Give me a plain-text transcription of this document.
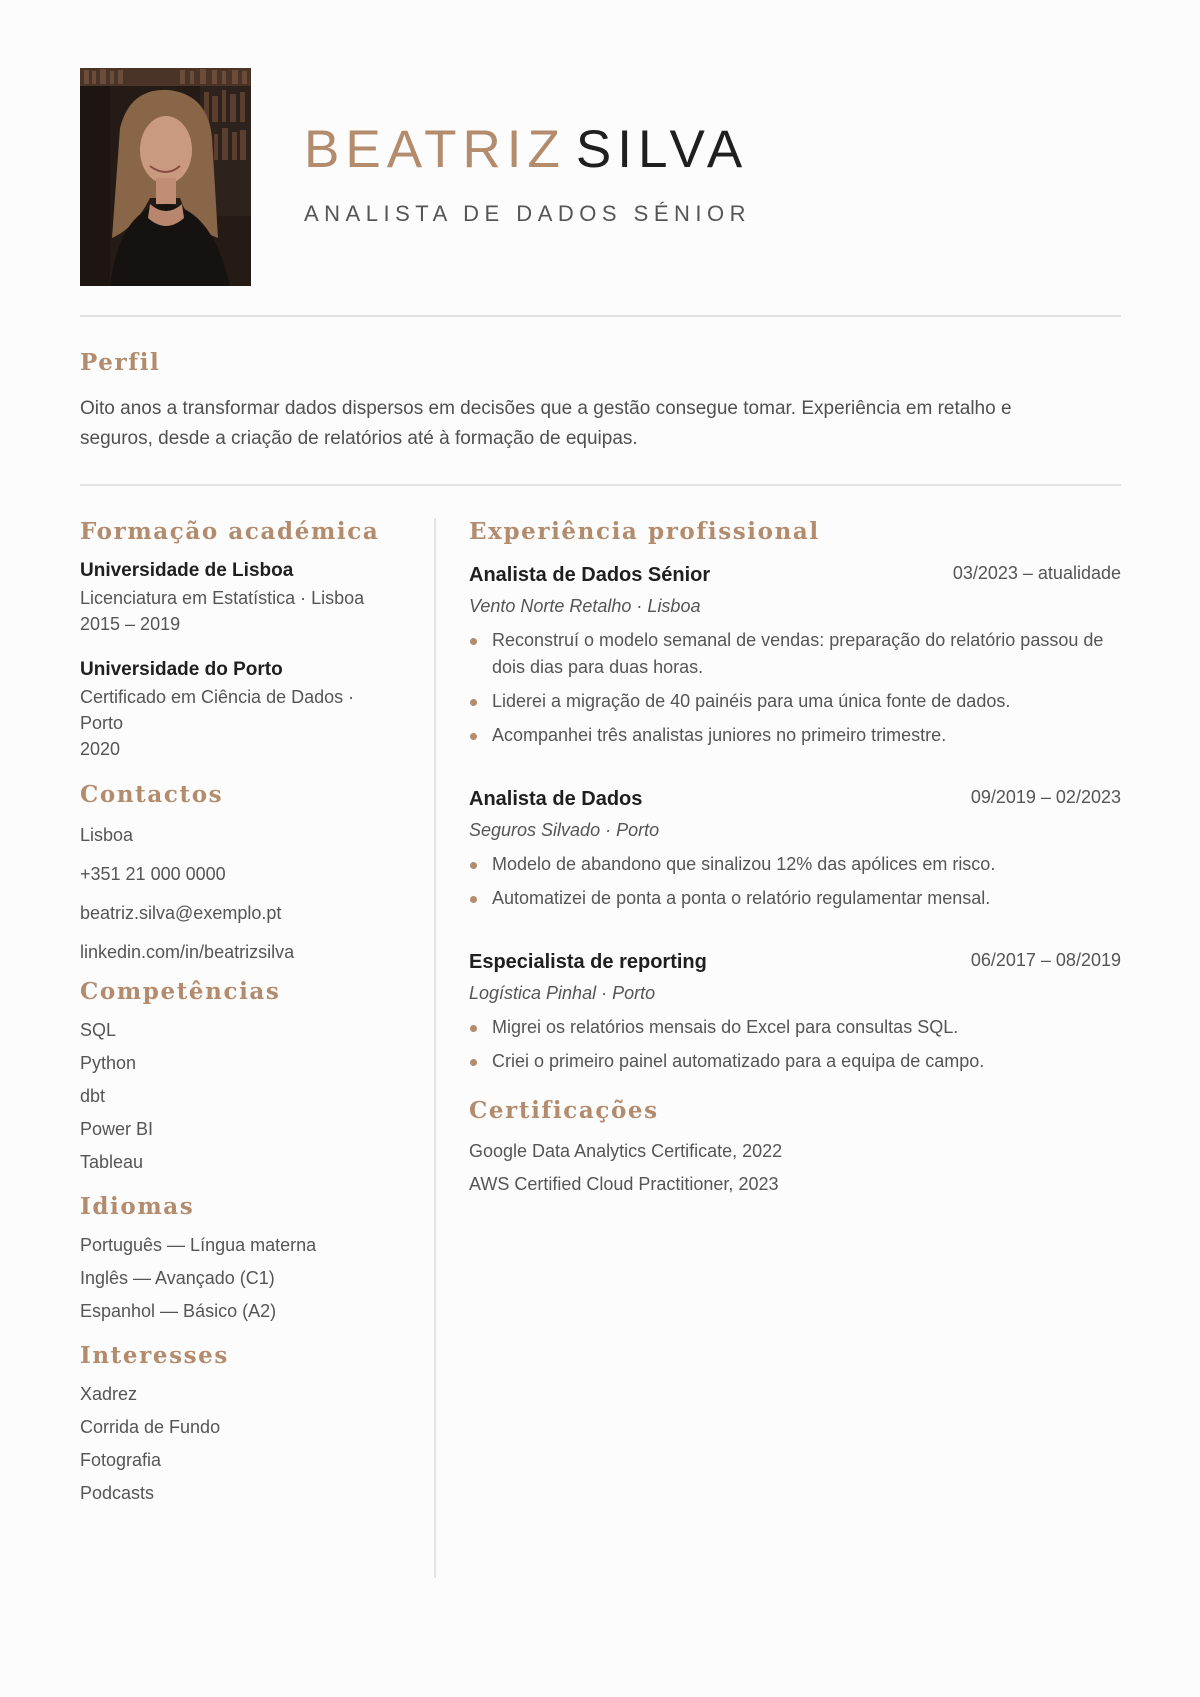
BEATRIZ SILVA
ANALISTA DE DADOS SÉNIOR
Perfil

Oito anos a transformar dados dispersos em decisões que a gestão consegue tomar. Experiência em retalho e seguros, desde a criação de relatórios até à formação de equipas.

Formação académica
Universidade de Lisboa
Licenciatura em Estatística · Lisboa
2015 – 2019
Universidade do Porto
Certificado em Ciência de Dados · Porto
2020
Contactos
Lisboa
+351 21 000 0000
beatriz.silva@exemplo.pt
linkedin.com/in/beatrizsilva
Competências
SQL
Python
dbt
Power BI
Tableau
Idiomas
Português — Língua materna
Inglês — Avançado (C1)
Espanhol — Básico (A2)
Interesses
Xadrez
Corrida de Fundo
Fotografia
Podcasts
Experiência profissional
Analista de Dados Sénior	03/2023 – atualidade
Vento Norte Retalho · Lisboa
Reconstruí o modelo semanal de vendas: preparação do relatório passou de dois dias para duas horas.
Liderei a migração de 40 painéis para uma única fonte de dados.
Acompanhei três analistas juniores no primeiro trimestre.
Analista de Dados	09/2019 – 02/2023
Seguros Silvado · Porto
Modelo de abandono que sinalizou 12% das apólices em risco.
Automatizei de ponta a ponta o relatório regulamentar mensal.
Especialista de reporting	06/2017 – 08/2019
Logística Pinhal · Porto
Migrei os relatórios mensais do Excel para consultas SQL.
Criei o primeiro painel automatizado para a equipa de campo.
Certificações
Google Data Analytics Certificate, 2022
AWS Certified Cloud Practitioner, 2023
